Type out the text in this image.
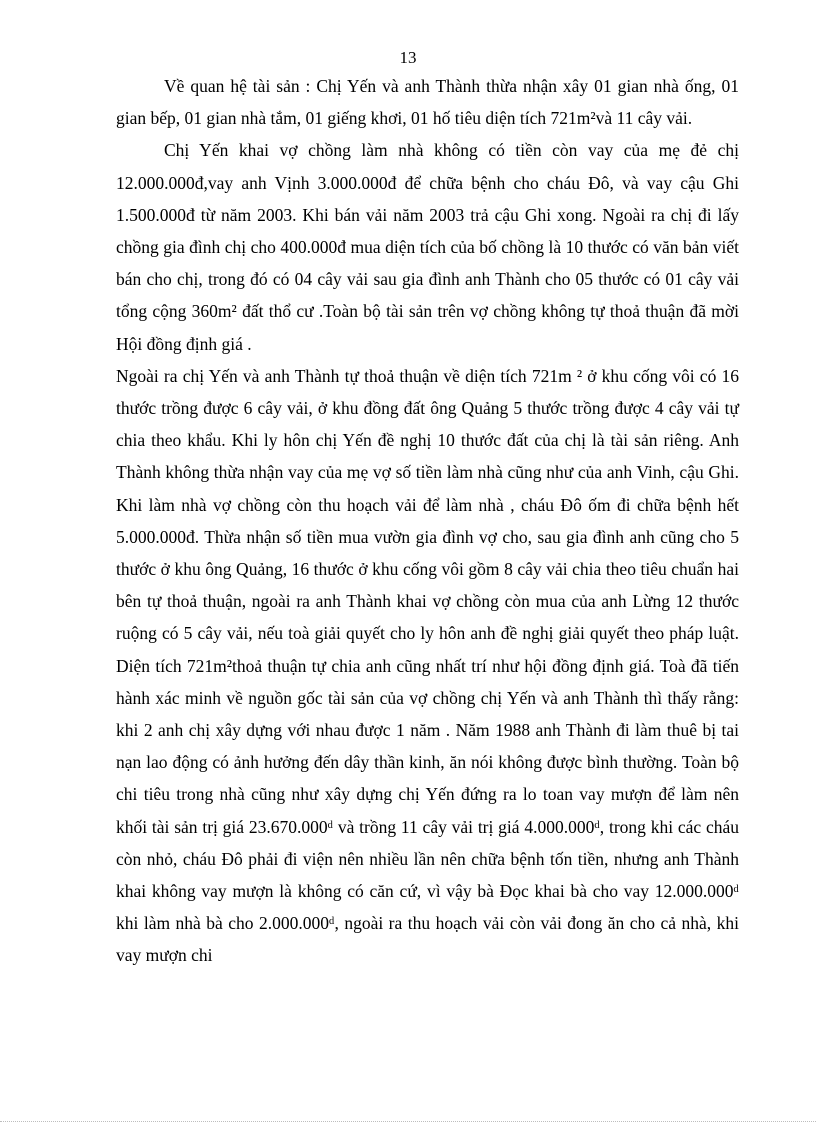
13

Về quan hệ tài sản : Chị Yến và anh Thành thừa nhận xây 01 gian nhà ống, 01 gian bếp, 01 gian nhà tắm, 01 giếng khơi, 01 hố tiêu diện tích 721m²và 11 cây vải.

Chị Yến khai vợ chồng làm nhà không có tiền còn vay của mẹ đẻ chị 12.000.000đ,vay anh Vịnh 3.000.000đ để chữa bệnh cho cháu Đô, và vay cậu Ghi 1.500.000đ từ năm 2003. Khi bán vải năm 2003 trả cậu Ghi xong. Ngoài ra chị đi lấy chồng gia đình chị cho 400.000đ mua diện tích của bố chồng là 10 thước có văn bản viết bán cho chị, trong đó có 04 cây vải sau gia đình anh Thành cho 05 thước có 01 cây vải tổng cộng 360m² đất thổ cư .Toàn bộ tài sản trên vợ chồng không tự thoả thuận đã mời Hội đồng định giá .

Ngoài ra chị Yến và anh Thành tự thoả thuận về diện tích 721m ² ở khu cống vôi có 16 thước trồng được 6 cây vải, ở khu đồng đất ông Quảng 5 thước trồng được 4 cây vải tự chia theo khẩu. Khi ly hôn chị Yến đề nghị 10 thước đất của chị là tài sản riêng. Anh Thành không thừa nhận vay của mẹ vợ số tiền làm nhà cũng như của anh Vinh, cậu Ghi. Khi làm nhà vợ chồng còn thu hoạch vải để làm nhà , cháu Đô ốm đi chữa bệnh hết 5.000.000đ. Thừa nhận số tiền mua vườn gia đình vợ cho, sau gia đình anh cũng cho 5 thước ở khu ông Quảng, 16 thước ở khu cống vôi gồm 8 cây vải chia theo tiêu chuẩn hai bên tự thoả thuận, ngoài ra anh Thành khai vợ chồng còn mua của anh Lừng 12 thước ruộng có 5 cây vải, nếu toà giải quyết cho ly hôn anh đề nghị giải quyết theo pháp luật. Diện tích 721m²thoả thuận tự chia anh cũng nhất trí như hội đồng định giá. Toà đã tiến hành xác minh về nguồn gốc tài sản của vợ chồng chị Yến và anh Thành thì thấy rằng: khi 2 anh chị xây dựng với nhau được 1 năm . Năm 1988 anh Thành đi làm thuê bị tai nạn lao động có ảnh hưởng đến dây thần kinh, ăn nói không được bình thường. Toàn bộ chi tiêu trong nhà cũng như xây dựng chị Yến đứng ra lo toan vay mượn để làm nên khối tài sản trị giá 23.670.000ᵈ và trồng 11 cây vải trị giá 4.000.000ᵈ, trong khi các cháu còn nhỏ, cháu Đô phải đi viện nên nhiều lần nên chữa bệnh tốn tiền, nhưng anh Thành khai không vay mượn là không có căn cứ, vì vậy bà Đọc khai bà cho vay 12.000.000ᵈ khi làm nhà bà cho 2.000.000ᵈ, ngoài ra thu hoạch vải còn vải đong ăn cho cả nhà, khi vay mượn chi
